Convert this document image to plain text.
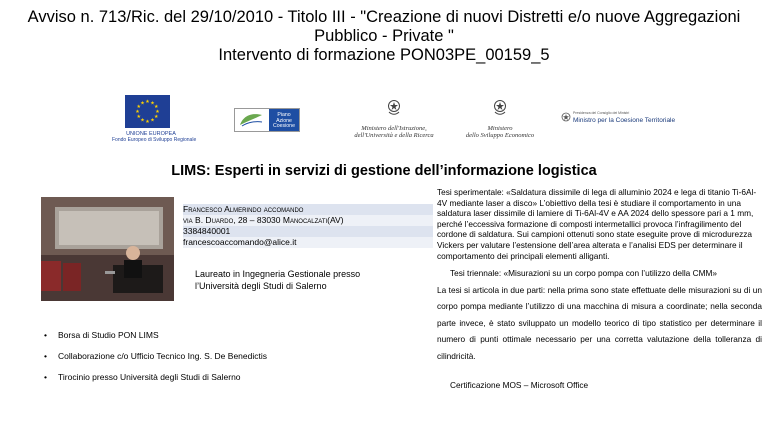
Avviso n. 713/Ric. del 29/10/2010 - Titolo III - "Creazione di nuovi Distretti e/o nuove Aggregazioni
Pubblico - Private "
Intervento di formazione PON03PE_00159_5
★ ★
★
★
★
★
★
★
★
★
★
★
UNIONE EUROPEA
Fondo Europeo di Sviluppo Regionale
Piano Azione Coesione	Ministero dell'Istruzione,
dell'Università e della Ricerca
Ministero
dello Sviluppo Economico
Presidenza del Consiglio dei Ministri
Ministro per la Coesione Territoriale
LIMS: Esperti in servizi di gestione dell’informazione logistica
Francesco Almerindo accomando
via B. Duardo, 28 – 83030 Manocalzati(AV)
3384840001
francescoaccomando@alice.it
Laureato in Ingegneria Gestionale presso l’Università degli Studi di Salerno
• Borsa di Studio PON LIMS
• Collaborazione c/o Ufficio Tecnico Ing. S. De Benedictis
• Tirocinio presso Università degli Studi di Salerno
Tesi sperimentale: «Saldatura dissimile di lega di alluminio 2024 e lega di titanio Ti-6Al-4V mediante laser a disco» L’obiettivo della tesi è studiare il comportamento in una saldatura laser dissimile di lamiere di Ti-6Al-4V e AA 2024 dello spessore pari a 1 mm, perché l’eccessiva formazione di composti intermetallici provoca l’infragilimento del cordone di saldatura. Sui campioni ottenuti sono state eseguite prove di microdurezza Vickers per valutare l’estensione dell’area alterata e l’analisi EDS per determinare il comportamento dei principali elementi alliganti.
Tesi triennale: «Misurazioni su un corpo pompa con l’utilizzo della CMM»
La tesi si articola in due parti: nella prima sono state effettuate delle misurazioni su di un corpo pompa mediante l’utilizzo di una macchina di misura a coordinate; nella seconda parte invece, è stato sviluppato un modello teorico di tipo statistico per determinare il numero di punti ottimale necessario per una corretta valutazione della tolleranza di cilindricità.
Certificazione MOS – Microsoft Office
